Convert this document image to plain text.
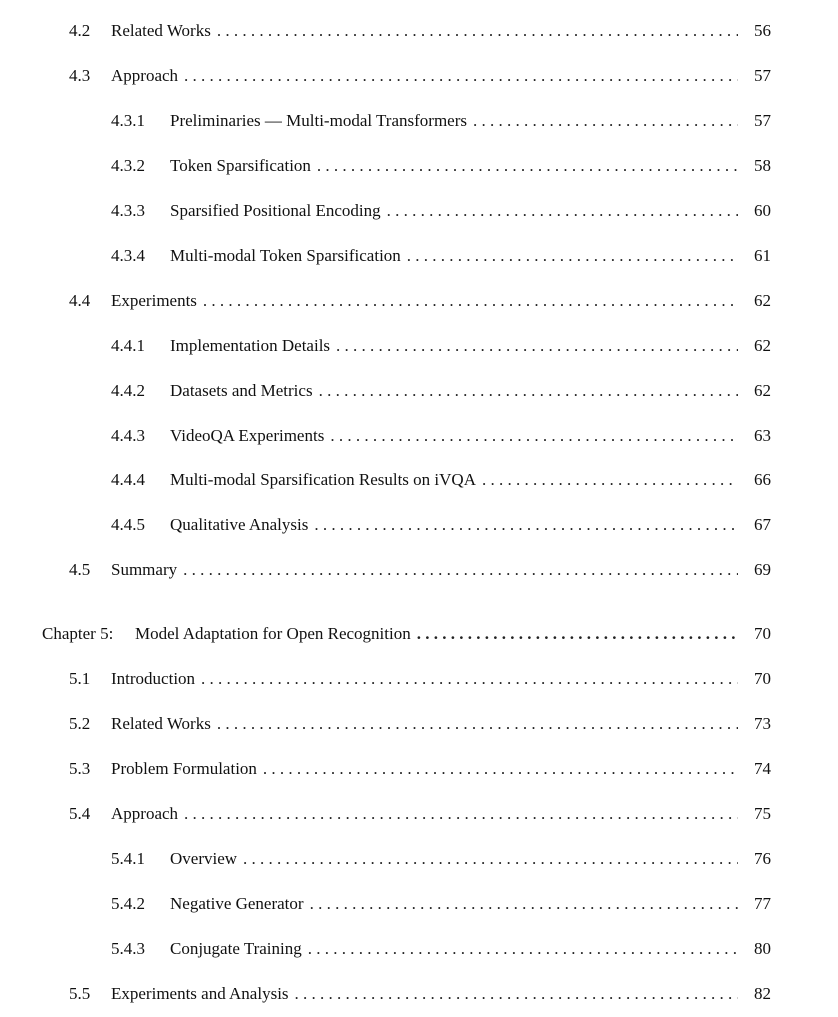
4.2 Related Works . . .	56
4.3 Approach . . .	57
4.3.1 Preliminaries — Multi-modal Transformers . . .	57
4.3.2 Token Sparsification . . .	58
4.3.3 Sparsified Positional Encoding . . .	60
4.3.4 Multi-modal Token Sparsification . . .	61
4.4 Experiments . . .	62
4.4.1 Implementation Details . . .	62
4.4.2 Datasets and Metrics . . .	62
4.4.3 VideoQA Experiments . . .	63
4.4.4 Multi-modal Sparsification Results on iVQA . . .	66
4.4.5 Qualitative Analysis . . .	67
4.5 Summary . . .	69
Chapter 5: Model Adaptation for Open Recognition . . .	70
5.1 Introduction . . .	70
5.2 Related Works . . .	73
5.3 Problem Formulation . . .	74
5.4 Approach . . .	75
5.4.1 Overview . . .	76
5.4.2 Negative Generator . . .	77
5.4.3 Conjugate Training . . .	80
5.5 Experiments and Analysis . . .	82
